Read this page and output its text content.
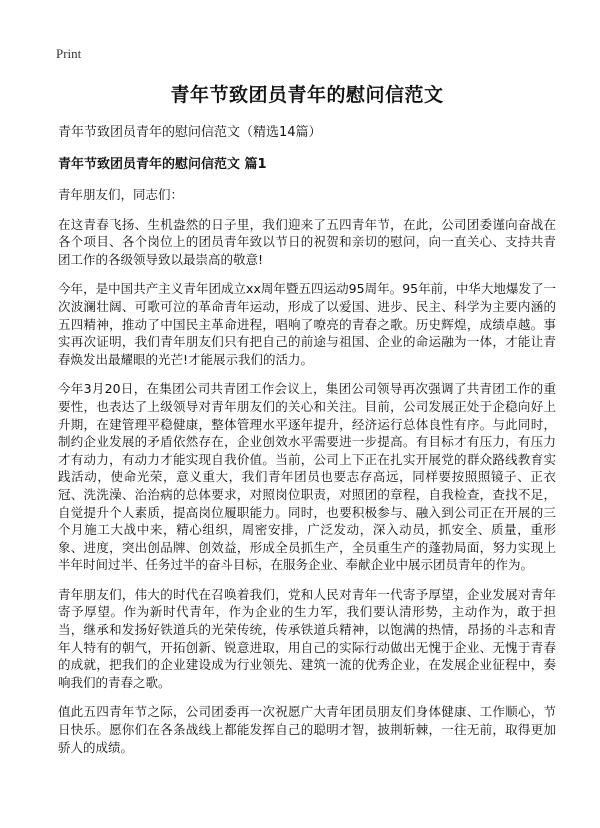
Print
青年节致团员青年的慰问信范文

青年节致团员青年的慰问信范文（精选14篇）

青年节致团员青年的慰问信范文 篇1

青年朋友们，同志们：

在这青春飞扬、生机盎然的日子里，我们迎来了五四青年节，在此，公司团委谨向奋战在各个项目、各个岗位上的团员青年致以节日的祝贺和亲切的慰问，向一直关心、支持共青团工作的各级领导致以最崇高的敬意!

今年，是中国共产主义青年团成立xx周年暨五四运动95周年。95年前，中华大地爆发了一次波澜壮阔、可歌可泣的革命青年运动，形成了以爱国、进步、民主、科学为主要内涵的五四精神，推动了中国民主革命进程，唱响了嘹亮的青春之歌。历史辉煌，成绩卓越。事实再次证明，我们青年朋友们只有把自己的前途与祖国、企业的命运融为一体，才能让青春焕发出最耀眼的光芒!才能展示我们的活力。

今年3月20日，在集团公司共青团工作会议上，集团公司领导再次强调了共青团工作的重要性，也表达了上级领导对青年朋友们的关心和关注。目前，公司发展正处于企稳向好上升期，在建管理平稳健康，整体管理水平逐年提升，经济运行总体良性有序。与此同时，制约企业发展的矛盾依然存在，企业创效水平需要进一步提高。有目标才有压力，有压力才有动力，有动力才能实现自我价值。当前，公司上下正在扎实开展党的群众路线教育实践活动，使命光荣，意义重大，我们青年团员也要志存高远，同样要按照照镜子、正衣冠、洗洗澡、治治病的总体要求，对照岗位职责，对照团的章程，自我检查，查找不足，自觉提升个人素质，提高岗位履职能力。同时，也要积极参与、融入到公司正在开展的三个月施工大战中来，精心组织，周密安排，广泛发动，深入动员，抓安全、质量，重形象、进度，突出创品牌、创效益，形成全员抓生产，全员重生产的蓬勃局面，努力实现上半年时间过半、任务过半的奋斗目标，在服务企业、奉献企业中展示团员青年的作为。

青年朋友们，伟大的时代在召唤着我们，党和人民对青年一代寄予厚望，企业发展对青年寄予厚望。作为新时代青年，作为企业的生力军，我们要认清形势，主动作为，敢于担当，继承和发扬好铁道兵的光荣传统，传承铁道兵精神，以饱满的热情，昂扬的斗志和青年人特有的朝气，开拓创新、锐意进取，用自己的实际行动做出无愧于企业、无愧于青春的成就，把我们的企业建设成为行业领先、建筑一流的优秀企业，在发展企业征程中，奏响我们的青春之歌。

值此五四青年节之际，公司团委再一次祝愿广大青年团员朋友们身体健康、工作顺心，节日快乐。愿你们在各条战线上都能发挥自己的聪明才智，披荆斩棘，一往无前，取得更加骄人的成绩。
